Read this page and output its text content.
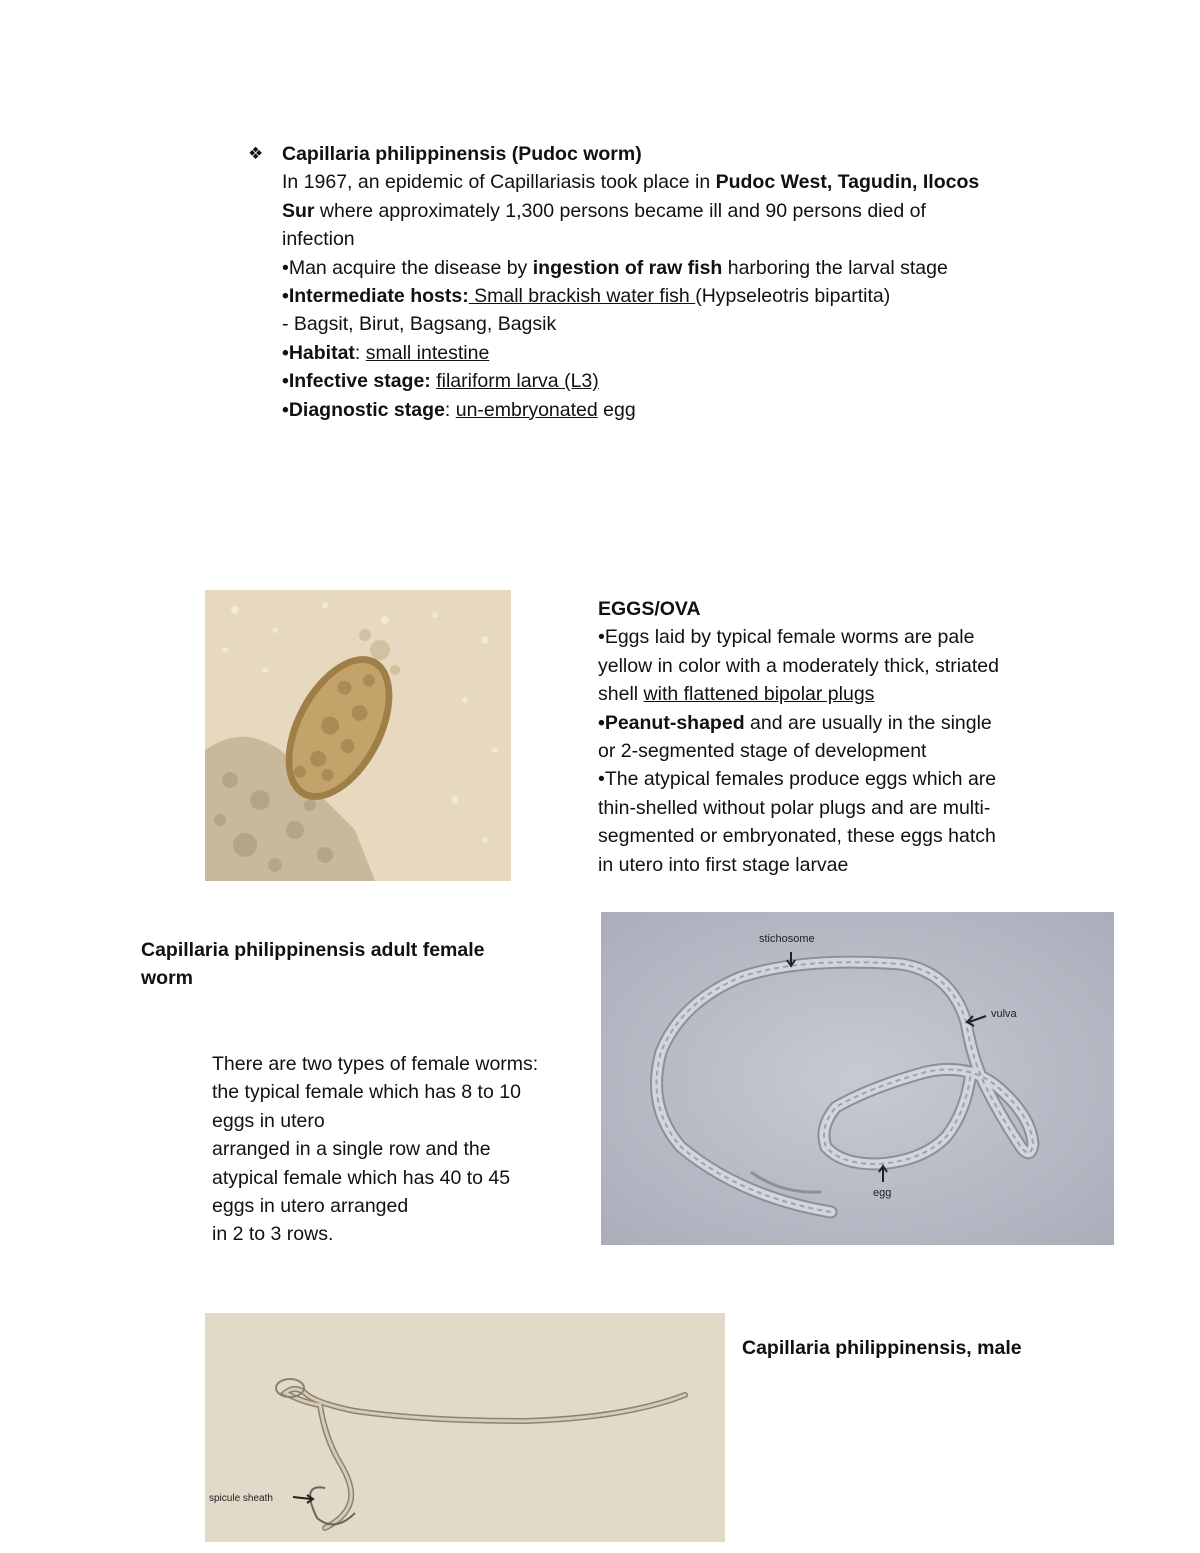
❖ Capillaria philippinensis (Pudoc worm)
In 1967, an epidemic of Capillariasis took place in Pudoc West, Tagudin, Ilocos
Sur where approximately 1,300 persons became ill and 90 persons died of
infection
•Man acquire the disease by ingestion of raw fish harboring the larval stage
•Intermediate hosts: Small brackish water fish (Hypseleotris bipartita)
- Bagsit, Birut, Bagsang, Bagsik
•Habitat: small intestine
•Infective stage: filariform larva (L3)
•Diagnostic stage: un-embryonated egg
EGGS/OVA
•Eggs laid by typical female worms are pale
yellow in color with a moderately thick, striated
shell with flattened bipolar plugs
•Peanut-shaped and are usually in the single
or 2-segmented stage of development
•The atypical females produce eggs which are
thin-shelled without polar plugs and are multi-
segmented or embryonated, these eggs hatch
in utero into first stage larvae
Capillaria philippinensis adult female
worm
There are two types of female worms:
the typical female which has 8 to 10
eggs in utero
arranged in a single row and the
atypical female which has 40 to 45
eggs in utero arranged
in 2 to 3 rows.
stichosome
vulva
egg
spicule sheath
Capillaria philippinensis, male
